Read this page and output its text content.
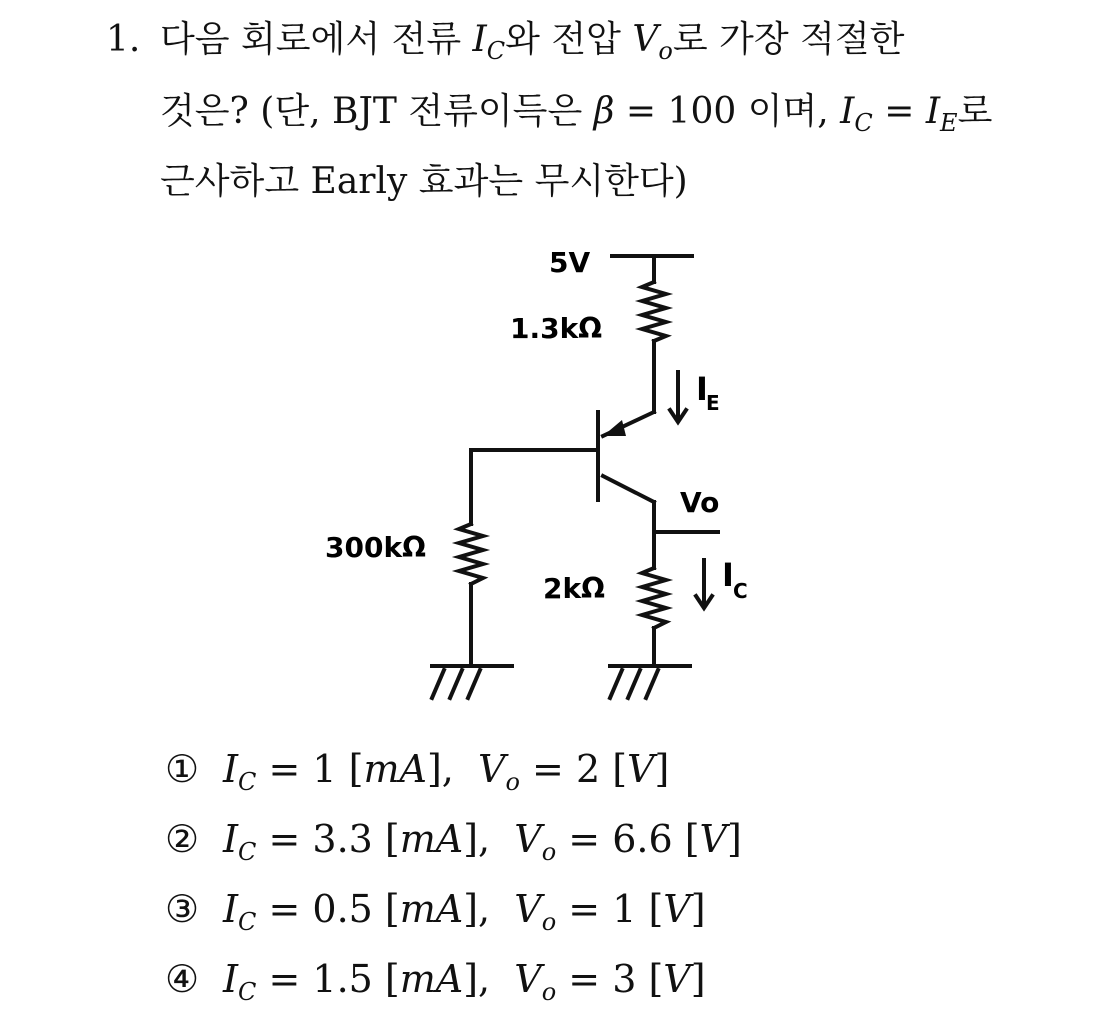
1. 다음 회로에서 전류 $I_C$와 전압 $V_o$로 가장 적절한
것은? (단, BJT 전류이득은 β = 100 이며, $I_C = I_E$로
근사하고 Early 효과는 무시한다)
5V
1.3kΩ
300kΩ
2kΩ
Vo
I
E
I C
① $I_C = 1$ [mA],  $V_o = 2$ [V]
② $I_C = 3.3$ [mA],  $V_o = 6.6$ [V]
③ $I_C = 0.5$ [mA],  $V_o = 1$ [V]
④ $I_C = 1.5$ [mA],  $V_o = 3$ [V]
